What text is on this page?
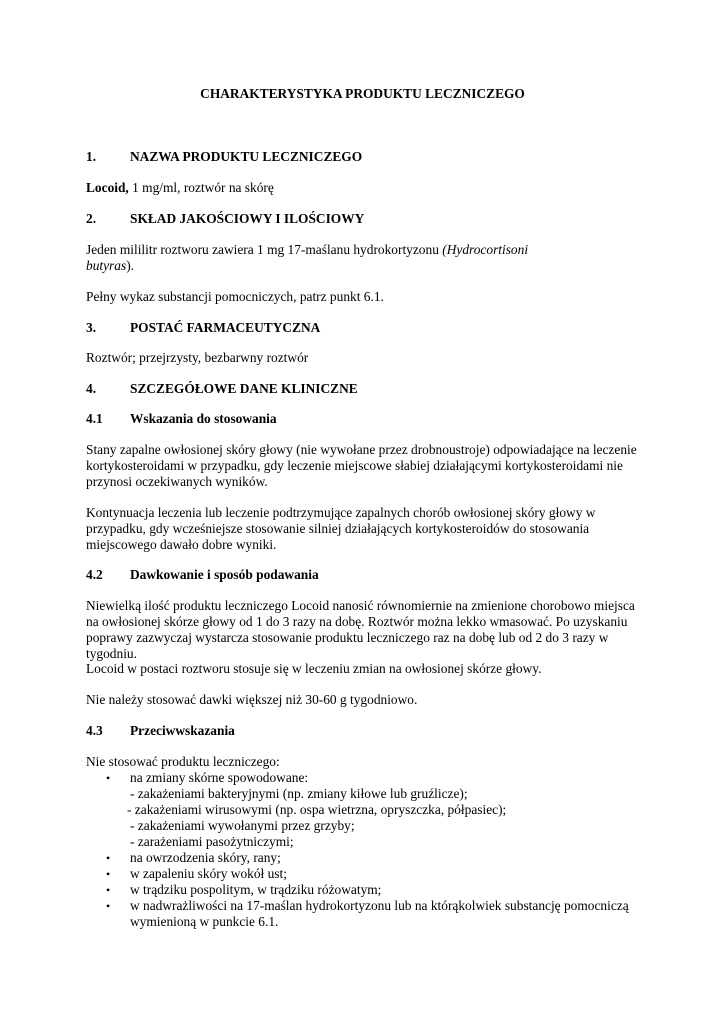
CHARAKTERYSTYKA PRODUKTU LECZNICZEGO
1.	NAZWA PRODUKTU LECZNICZEGO
Locoid, 1 mg/ml, roztwór na skórę
2.	SKŁAD JAKOŚCIOWY I ILOŚCIOWY
Jeden mililitr roztworu zawiera 1 mg 17-maślanu hydrokortyzonu (Hydrocortisoni
butyras).
Pełny wykaz substancji pomocniczych, patrz punkt 6.1.
3.	POSTAĆ FARMACEUTYCZNA
Roztwór; przejrzysty, bezbarwny roztwór
4.	SZCZEGÓŁOWE DANE KLINICZNE
4.1 Wskazania do stosowania
Stany zapalne owłosionej skóry głowy (nie wywołane przez drobnoustroje) odpowiadające na leczenie
kortykosteroidami w przypadku, gdy leczenie miejscowe słabiej działającymi kortykosteroidami nie
przynosi oczekiwanych wyników.
Kontynuacja leczenia lub leczenie podtrzymujące zapalnych chorób owłosionej skóry głowy w
przypadku, gdy wcześniejsze stosowanie silniej działających kortykosteroidów do stosowania
miejscowego dawało dobre wyniki.
4.2 Dawkowanie i sposób podawania
Niewielką ilość produktu leczniczego Locoid nanosić równomiernie na zmienione chorobowo miejsca
na owłosionej skórze głowy od 1 do 3 razy na dobę. Roztwór można lekko wmasować. Po uzyskaniu
poprawy zazwyczaj wystarcza stosowanie produktu leczniczego raz na dobę lub od 2 do 3 razy w
tygodniu.
Locoid w postaci roztworu stosuje się w leczeniu zmian na owłosionej skórze głowy.
Nie należy stosować dawki większej niż 30-60 g tygodniowo.
4.3 Przeciwwskazania
Nie stosować produktu leczniczego:
• na zmiany skórne spowodowane:
- zakażeniami bakteryjnymi (np. zmiany kiłowe lub gruźlicze);
- zakażeniami wirusowymi (np. ospa wietrzna, opryszczka, półpasiec);
- zakażeniami wywołanymi przez grzyby;
- zarażeniami pasożytniczymi;
• na owrzodzenia skóry, rany;
• w zapaleniu skóry wokół ust;
• w trądziku pospolitym, w trądziku różowatym;
• w nadwrażliwości na 17-maślan hydrokortyzonu lub na którąkolwiek substancję pomocniczą
wymienioną w punkcie 6.1.
